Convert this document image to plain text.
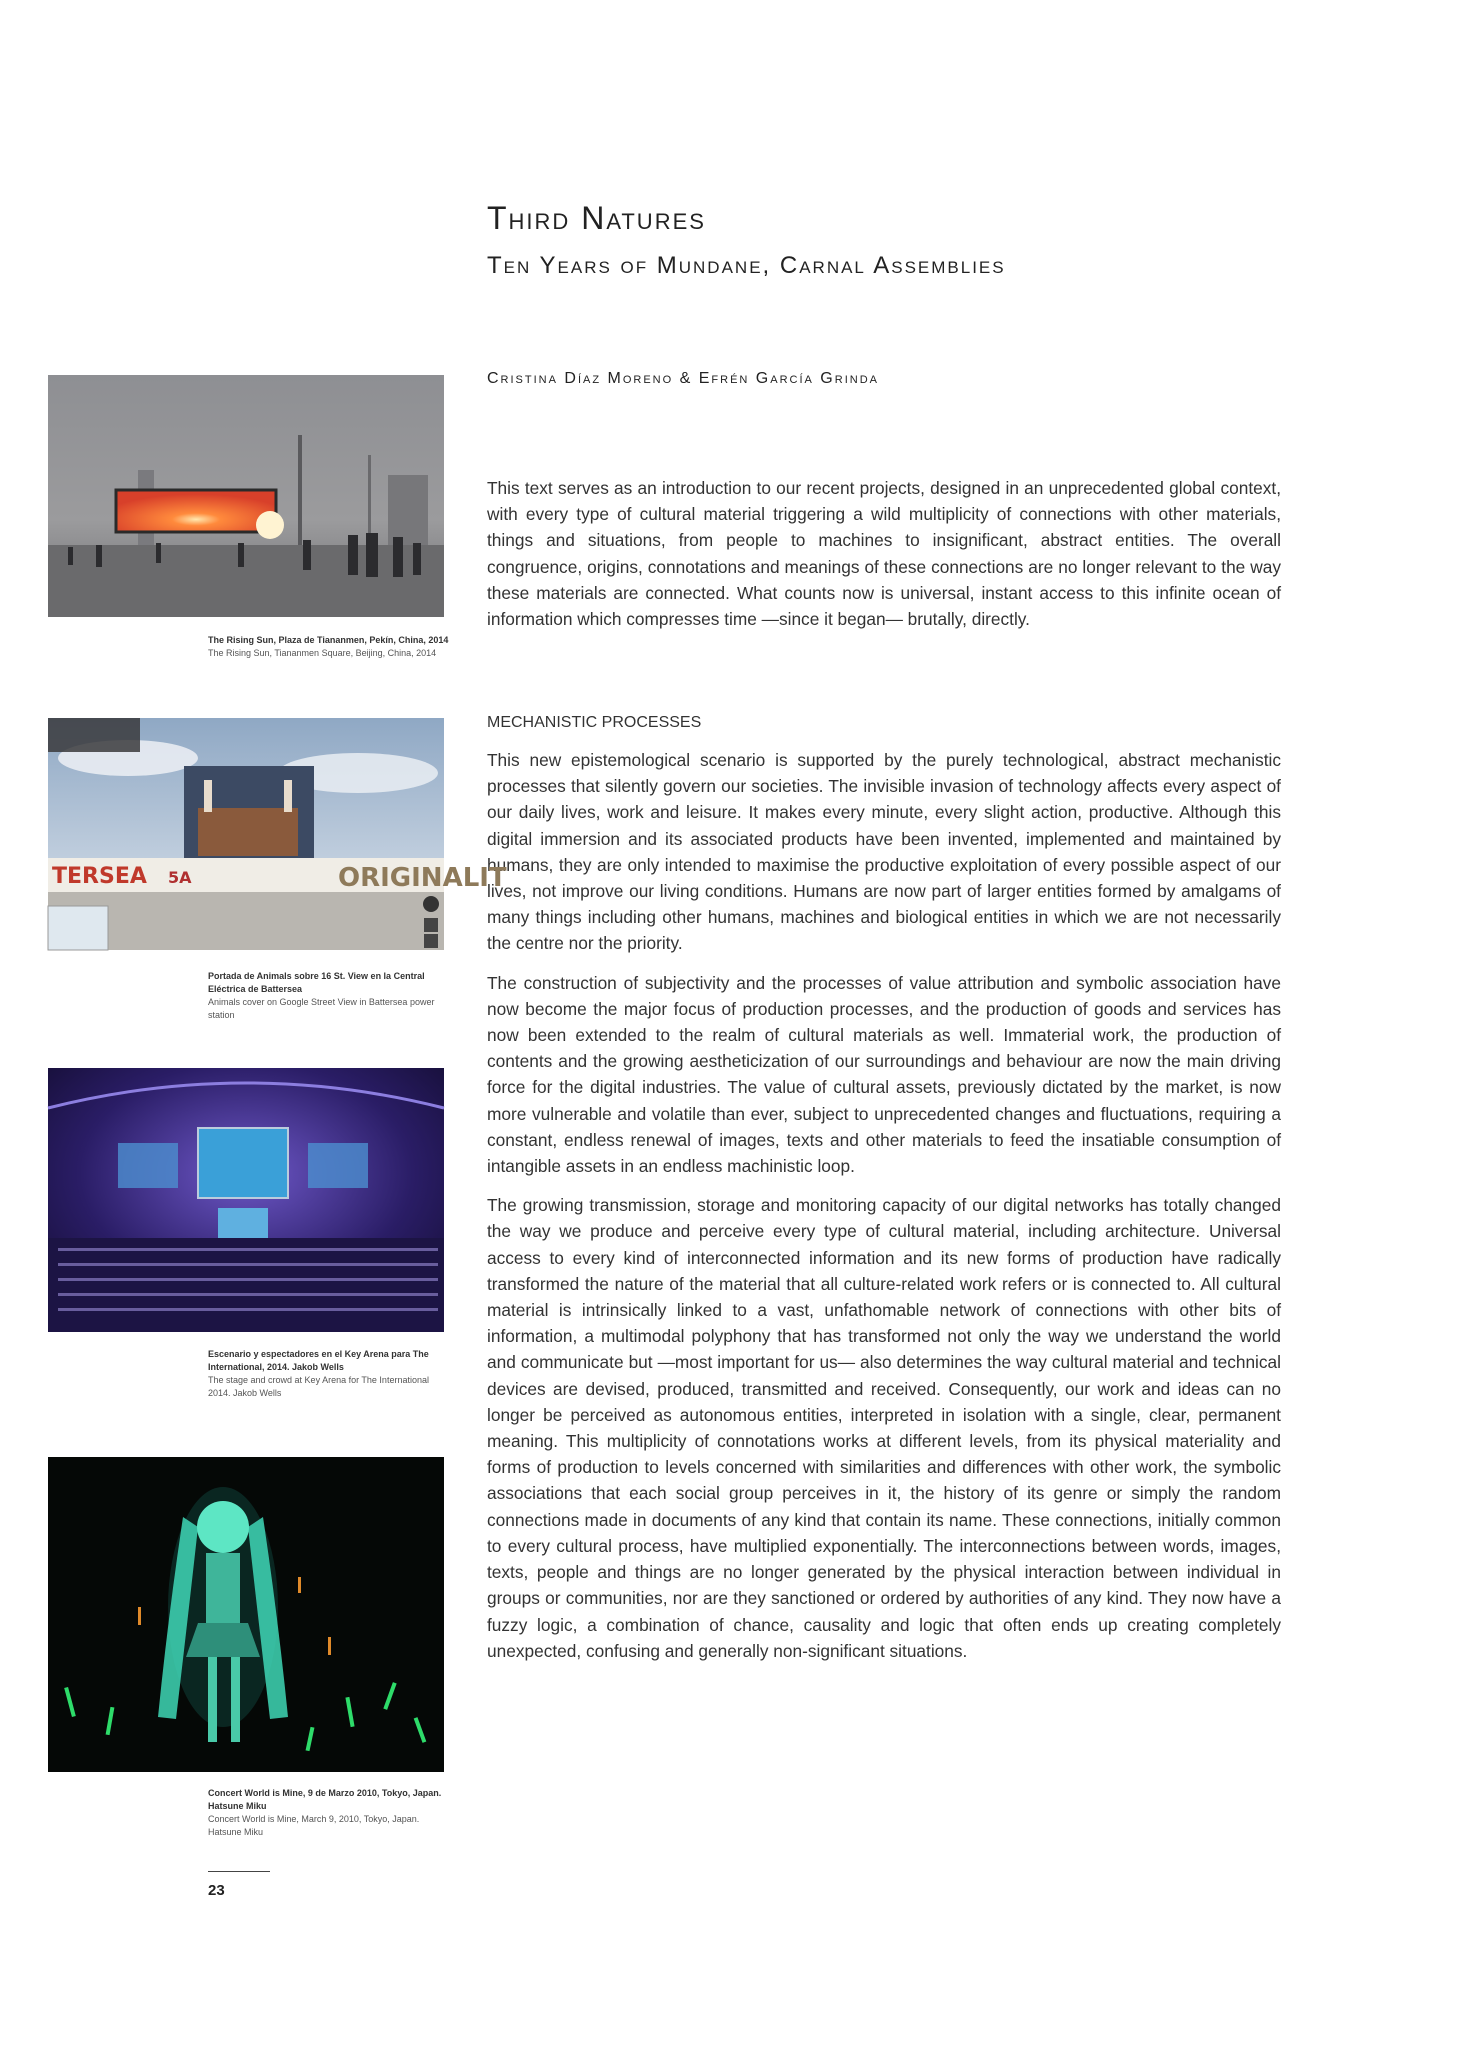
Third Natures
Ten Years of Mundane, Carnal Assemblies
Cristina Díaz Moreno & Efrén García Grinda

This text serves as an introduction to our recent projects, designed in an unprecedented global context, with every type of cultural material triggering a wild multiplicity of connections with other materials, things and situations, from people to machines to insignificant, abstract entities. The overall congruence, origins, connotations and meanings of these connections are no longer relevant to the way these materials are connected. What counts now is universal, instant access to this infinite ocean of information which compresses time —since it began— brutally, directly.

MECHANISTIC PROCESSES

This new epistemological scenario is supported by the purely technological, abstract mechanistic processes that silently govern our societies. The invisible invasion of technology affects every aspect of our daily lives, work and leisure. It makes every minute, every slight action, productive. Although this digital immersion and its associated products have been invented, implemented and maintained by humans, they are only intended to maximise the productive exploitation of every possible aspect of our lives, not improve our living conditions. Humans are now part of larger entities formed by amalgams of many things including other humans, machines and biological entities in which we are not necessarily the centre nor the priority.

The construction of subjectivity and the processes of value attribution and symbolic association have now become the major focus of production processes, and the production of goods and services has now been extended to the realm of cultural materials as well. Immaterial work, the production of contents and the growing aestheticization of our surroundings and behaviour are now the main driving force for the digital industries. The value of cultural assets, previously dictated by the market, is now more vulnerable and volatile than ever, subject to unprecedented changes and fluctuations, requiring a constant, endless renewal of images, texts and other materials to feed the insatiable consumption of intangible assets in an endless machinistic loop.

The growing transmission, storage and monitoring capacity of our digital networks has totally changed the way we produce and perceive every type of cultural material, including architecture. Universal access to every kind of interconnected information and its new forms of production have radically transformed the nature of the material that all culture-related work refers or is connected to. All cultural material is intrinsically linked to a vast, unfathomable network of connections with other bits of information, a multimodal polyphony that has transformed not only the way we understand the world and communicate but —most important for us— also determines the way cultural material and technical devices are devised, produced, transmitted and received. Consequently, our work and ideas can no longer be perceived as autonomous entities, interpreted in isolation with a single, clear, permanent meaning. This multiplicity of connotations works at different levels, from its physical materiality and forms of production to levels concerned with similarities and differences with other work, the symbolic associations that each social group perceives in it, the history of its genre or simply the random connections made in documents of any kind that contain its name. These connections, initially common to every cultural process, have multiplied exponentially. The interconnections between words, images, texts, people and things are no longer generated by the physical interaction between individual in groups or communities, nor are they sanctioned or ordered by authorities of any kind. They now have a fuzzy logic, a combination of chance, causality and logic that often ends up creating completely unexpected, confusing and generally non-significant situations.

The Rising Sun, Plaza de Tiananmen, Pekín, China, 2014
The Rising Sun, Tiananmen Square, Beijing, China, 2014
TERSEA 5A	ORIGINALIT
Portada de Animals sobre 16 St. View en la Central Eléctrica de Battersea
Animals cover on Google Street View in Battersea power station
Escenario y espectadores en el Key Arena para The International, 2014. Jakob Wells
The stage and crowd at Key Arena for The International 2014. Jakob Wells
Concert World is Mine, 9 de Marzo 2010, Tokyo, Japan. Hatsune Miku
Concert World is Mine, March 9, 2010, Tokyo, Japan. Hatsune Miku
23
